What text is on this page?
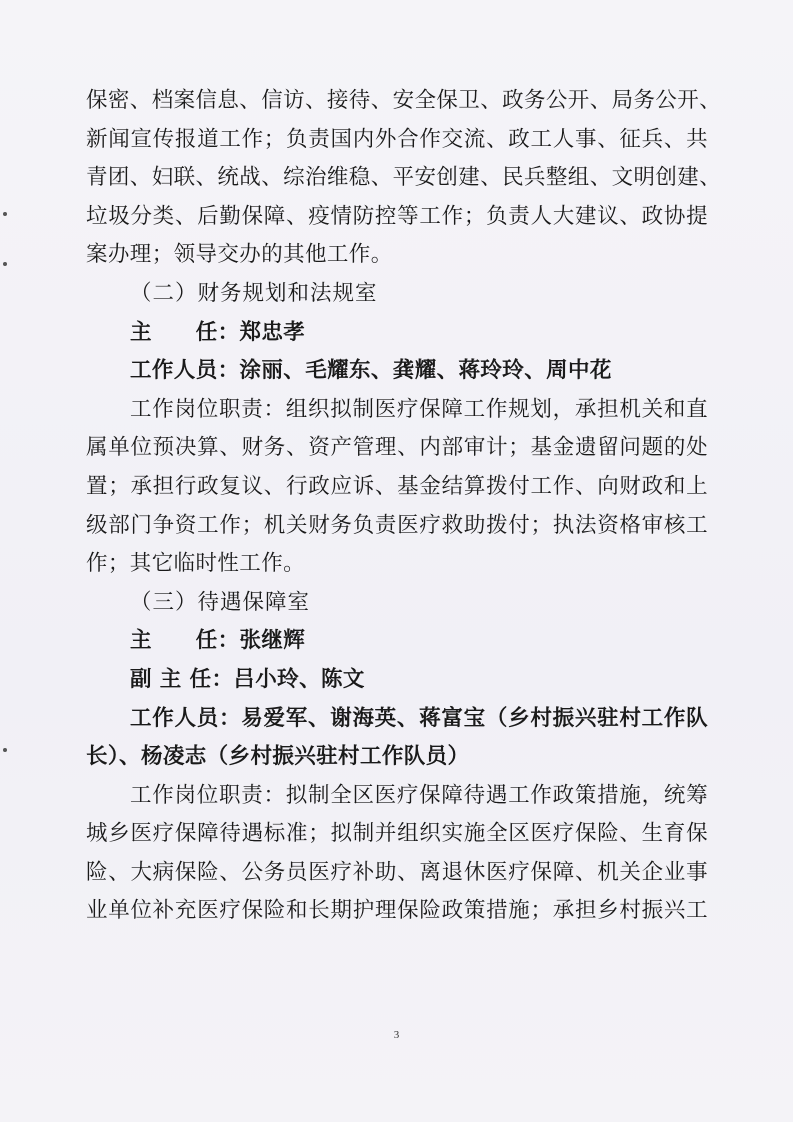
保密、档案信息、信访、接待、安全保卫、政务公开、局务公开、
新闻宣传报道工作；负责国内外合作交流、政工人事、征兵、共
青团、妇联、统战、综治维稳、平安创建、民兵整组、文明创建、
垃圾分类、后勤保障、疫情防控等工作；负责人大建议、政协提
案办理；领导交办的其他工作。
（二）财务规划和法规室
主　　任：郑忠孝
工作人员：涂丽、毛耀东、龚耀、蒋玲玲、周中花
工作岗位职责：组织拟制医疗保障工作规划，承担机关和直
属单位预决算、财务、资产管理、内部审计；基金遗留问题的处
置；承担行政复议、行政应诉、基金结算拨付工作、向财政和上
级部门争资工作；机关财务负责医疗救助拨付；执法资格审核工
作；其它临时性工作。
（三）待遇保障室
主　　任：张继辉
副 主 任：吕小玲、陈文
工作人员：易爱军、谢海英、蒋富宝（乡村振兴驻村工作队
长）、杨凌志（乡村振兴驻村工作队员）
工作岗位职责：拟制全区医疗保障待遇工作政策措施，统筹
城乡医疗保障待遇标准；拟制并组织实施全区医疗保险、生育保
险、大病保险、公务员医疗补助、离退休医疗保障、机关企业事
业单位补充医疗保险和长期护理保险政策措施；承担乡村振兴工
3
